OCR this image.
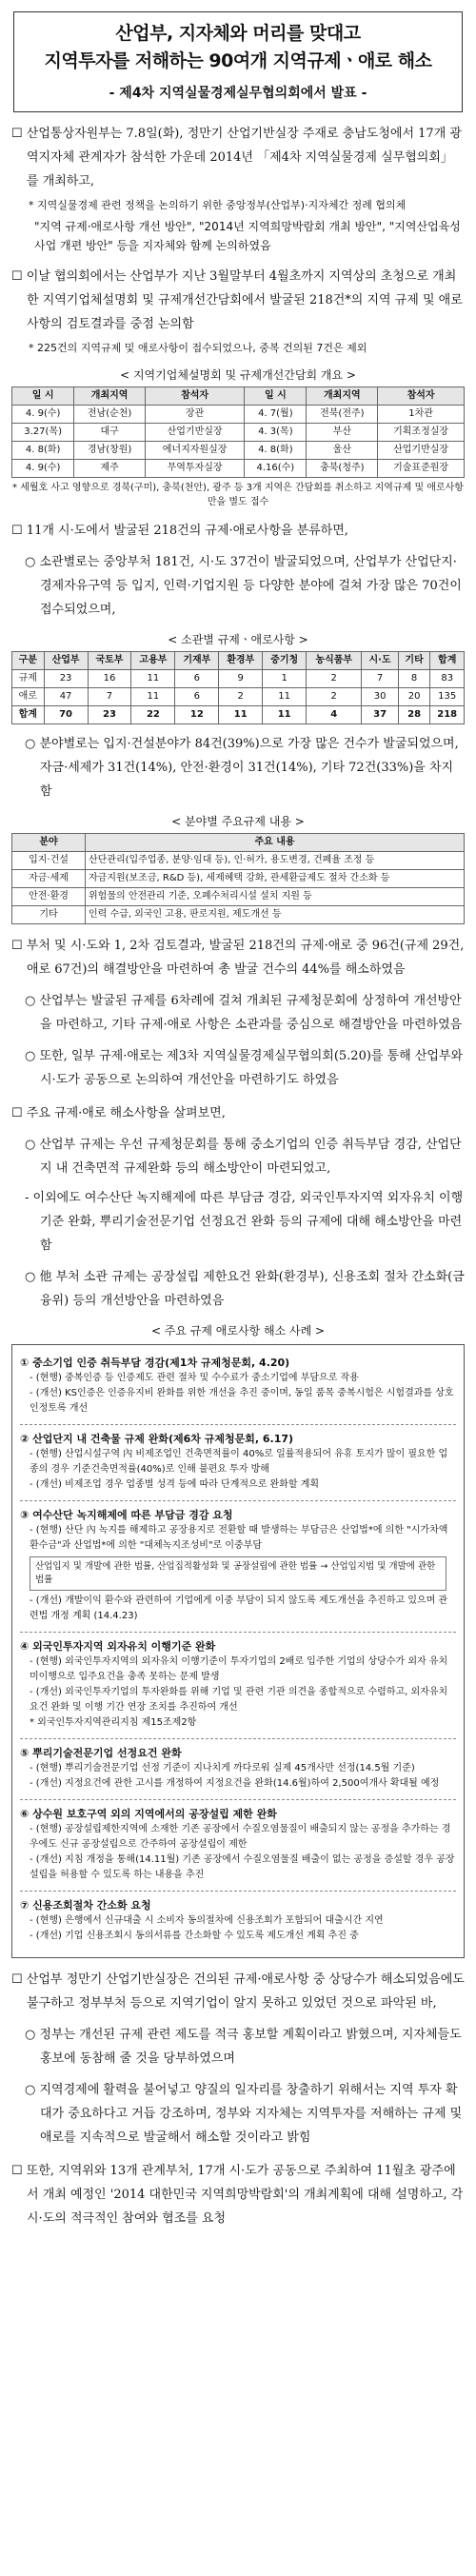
산업부, 지자체와 머리를 맞대고
지역투자를 저해하는 90여개 지역규제ㆍ애로 해소
- 제4차 지역실물경제실무협의회에서 발표 -

☐ 산업통상자원부는 7.8일(화), 정만기 산업기반실장 주재로 충남도청에서 17개 광역지자체 관계자가 참석한 가운데 2014년 「제4차 지역실물경제 실무협의회」를 개최하고,

* 지역실물경제 관련 정책을 논의하기 위한 중앙정부(산업부)·지자체간 정례 협의체

"지역 규제·애로사항 개선 방안", "2014년 지역희망박람회 개최 방안", "지역산업육성사업 개편 방안" 등을 지자체와 함께 논의하였음

☐ 이날 협의회에서는 산업부가 지난 3월말부터 4월초까지 지역상의 초청으로 개최한 지역기업체설명회 및 규제개선간담회에서 발굴된 218건*의 지역 규제 및 애로사항의 검토결과를 중점 논의함

* 225건의 지역규제 및 애로사항이 접수되었으나, 중복 건의된 7건은 제외

< 지역기업체설명회 및 규제개선간담회 개요 >
일 시	개최지역	참석자	일 시	개최지역	참석자
4. 9(수)	전남(순천)	장관	4. 7(월)	전북(전주)	1차관
3.27(목)	대구	산업기반실장	4. 3(목)	부산	기획조정실장
4. 8(화)	경남(창원)	에너지자원실장	4. 8(화)	울산	산업기반실장
4. 9(수)	제주	무역투자실장	4.16(수)	충북(청주)	기술표준원장
* 세월호 사고 영향으로 경북(구미), 충북(천안), 광주 등 3개 지역은 간담회를 취소하고 지역규제 및 애로사항만을 별도 접수

☐ 11개 시·도에서 발굴된 218건의 규제·애로사항을 분류하면,

○ 소관별로는 중앙부처 181건, 시·도 37건이 발굴되었으며, 산업부가 산업단지·경제자유구역 등 입지, 인력·기업지원 등 다양한 분야에 걸쳐 가장 많은 70건이 접수되었으며,

< 소관별 규제ㆍ애로사항 >
구분	산업부	국토부	고용부	기재부	환경부	중기청	농식품부	시·도	기타	합계
규제	23	16	11	6	9	1	2	7	8	83
애로	47	7	11	6	2	11	2	30	20	135
합계	70	23	22	12	11	11	4	37	28	218

○ 분야별로는 입지·건설분야가 84건(39%)으로 가장 많은 건수가 발굴되었으며, 자금·세제가 31건(14%), 안전·환경이 31건(14%), 기타 72건(33%)을 차지함

< 분야별 주요규제 내용 >
분야	주요 내용
입지·건설	산단관리(입주업종, 분양·임대 등), 인·허가, 용도변경, 건폐율 조정 등
자금·세제	자금지원(보조금, R&D 등), 세제혜택 강화, 관세환급제도 절차 간소화 등
안전·환경	위험물의 안전관리 기준, 오폐수처리시설 설치 지원 등
기타	인력 수급, 외국인 고용, 판로지원, 제도개선 등

☐ 부처 및 시·도와 1, 2차 검토결과, 발굴된 218건의 규제·애로 중 96건(규제 29건, 애로 67건)의 해결방안을 마련하여 총 발굴 건수의 44%를 해소하였음

○ 산업부는 발굴된 규제를 6차례에 걸쳐 개최된 규제청문회에 상정하여 개선방안을 마련하고, 기타 규제·애로 사항은 소관과를 중심으로 해결방안을 마련하였음

○ 또한, 일부 규제·애로는 제3차 지역실물경제실무협의회(5.20)를 통해 산업부와 시·도가 공동으로 논의하여 개선안을 마련하기도 하였음

☐ 주요 규제·애로 해소사항을 살펴보면,

○ 산업부 규제는 우선 규제청문회를 통해 중소기업의 인증 취득부담 경감, 산업단지 내 건축면적 규제완화 등의 해소방안이 마련되었고,

- 이외에도 여수산단 녹지해제에 따른 부담금 경감, 외국인투자지역 외자유치 이행기준 완화, 뿌리기술전문기업 선정요건 완화 등의 규제에 대해 해소방안을 마련함

○ 他 부처 소관 규제는 공장설립 제한요건 완화(환경부), 신용조회 절차 간소화(금융위) 등의 개선방안을 마련하였음

< 주요 규제 애로사항 해소 사례 >
① 중소기업 인증 취득부담 경감(제1차 규제청문회, 4.20)
- (현행) 중복인증 등 인증제도 관련 절차 및 수수료가 중소기업에 부담으로 작용
- (개선) KS인증은 인증유지비 완화를 위한 개선을 추진 중이며, 동일 품목 중복시험은 시험결과를 상호인정토록 개선
② 산업단지 내 건축물 규제 완화(제6차 규제청문회, 6.17)
- (현행) 산업시설구역 內 비제조업인 건축면적률이 40%로 일률적용되어 유휴 토지가 많이 필요한 업종의 경우 기준건축면적률(40%)로 인해 불편요 투자 방해
- (개선) 비제조업 경우 업종별 성격 등에 따라 단계적으로 완화할 계획
③ 여수산단 녹지해제에 따른 부담금 경감 요청
- (현행) 산단 內 녹지를 해제하고 공장용지로 전환할 때 발생하는 부담금은 산업법*에 의한 "시가차액 환수금"과 산업법*에 의한 "대체녹지조성비"로 이중부담
산업입지 및 개발에 관한 법률, 산업집적활성화 및 공장설립에 관한 법률 → 산업입지법 및 개발에 관한 법률
- (개선) 개발이익 환수와 관련하여 기업에게 이중 부담이 되지 않도록 제도개선을 추진하고 있으며 관련법 개정 계획 (14.4.23)
④ 외국인투자지역 외자유치 이행기준 완화
- (현행) 외국인투자지역의 외자유치 이행기준이 투자기업의 2배로 입주한 기업의 상당수가 외자 유치 미이행으로 입주요건을 충족 못하는 문제 발생
- (개선) 외국인투자기업의 투자완화를 위해 기업 및 관련 기관 의견을 종합적으로 수렴하고, 외자유치 요건 완화 및 이행 기간 연장 조치를 추진하여 개선
* 외국인투자지역관리지침 제15조제2항
⑤ 뿌리기술전문기업 선정요건 완화
- (현행) 뿌리기술전문기업 선정 기준이 지나치게 까다로워 실제 45개사만 선정(14.5월 기준)
- (개선) 지정요건에 관한 고시를 개정하여 지정요건을 완화(14.6월)하여 2,500여개사 확대될 예정
⑥ 상수원 보호구역 외의 지역에서의 공장설립 제한 완화
- (현행) 공장설립제한지역에 소재한 기존 공장에서 수질오염물질이 배출되지 않는 공정을 추가하는 경우에도 신규 공장설립으로 간주하여 공장설립이 제한
- (개선) 지침 개정을 통해(14.11월) 기존 공장에서 수질오염물질 배출이 없는 공정을 증설할 경우 공장설립을 허용할 수 있도록 하는 내용을 추진
⑦ 신용조회절차 간소화 요청
- (현행) 은행에서 신규대출 시 소비자 동의절차에 신용조회가 포함되어 대출시간 지연
- (개선) 기업 신용조회시 동의서류를 간소화할 수 있도록 제도개선 계획 추진 중

☐ 산업부 정만기 산업기반실장은 건의된 규제·애로사항 중 상당수가 해소되었음에도 불구하고 정부부처 등으로 지역기업이 알지 못하고 있었던 것으로 파악된 바,

○ 정부는 개선된 규제 관련 제도를 적극 홍보할 계획이라고 밝혔으며, 지자체들도 홍보에 동참해 줄 것을 당부하였으며

○ 지역경제에 활력을 불어넣고 양질의 일자리를 창출하기 위해서는 지역 투자 확대가 중요하다고 거듭 강조하며, 정부와 지자체는 지역투자를 저해하는 규제 및 애로를 지속적으로 발굴해서 해소할 것이라고 밝힘

☐ 또한, 지역위와 13개 관계부처, 17개 시·도가 공동으로 주최하여 11월초 광주에서 개최 예정인 '2014 대한민국 지역희망박람회'의 개최계획에 대해 설명하고, 각 시·도의 적극적인 참여와 협조를 요청
